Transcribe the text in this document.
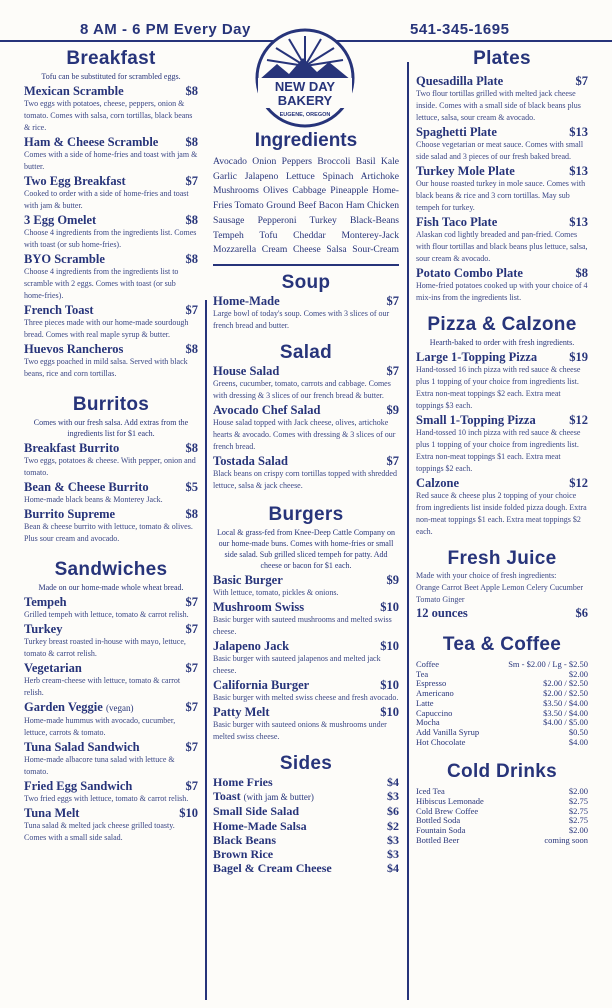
8 AM - 6 PM Every Day	541-345-1695
NEW DAY
BAKERY
EUGENE, OREGON
Breakfast
Tofu can be substituted for scrambled eggs.
Mexican Scramble	$8
Two eggs with potatoes, cheese, peppers, onion & tomato. Comes with salsa, corn tortillas, black beans & rice.
Ham & Cheese Scramble $8
Comes with a side of home-fries and toast with jam & butter.
Two Egg Breakfast	$7
Cooked to order with a side of home-fries and toast with jam & butter.
3 Egg Omelet	$8
Choose 4 ingredients from the ingredients list. Comes with toast (or sub home-fries).
BYO Scramble	$8
Choose 4 ingredients from the ingredients list to scramble with 2 eggs. Comes with toast (or sub home-fries).
French Toast	$7
Three pieces made with our home-made sourdough bread. Comes with real maple syrup & butter.
Huevos Rancheros	$8
Two eggs poached in mild salsa. Served with black beans, rice and corn tortillas.
Burritos
Comes with our fresh salsa. Add extras from the ingredients list for $1 each.
Breakfast Burrito	$8
Two eggs, potatoes & cheese. With pepper, onion and tomato.
Bean & Cheese Burrito	$5
Home-made black beans & Monterey Jack.
Burrito Supreme	$8
Bean & cheese burrito with lettuce, tomato & olives. Plus sour cream and avocado.
Sandwiches
Made on our home-made whole wheat bread.
Tempeh	$7
Grilled tempeh with lettuce, tomato & carrot relish.
Turkey	$7
Turkey breast roasted in-house with mayo, lettuce, tomato & carrot relish.
Vegetarian	$7
Herb cream-cheese with lettuce, tomato & carrot relish.
Garden Veggie (vegan)	$7
Home-made hummus with avocado, cucumber, lettuce, carrots & tomato.
Tuna Salad Sandwich	$7
Home-made albacore tuna salad with lettuce & tomato.
Fried Egg Sandwich	$7
Two fried eggs with lettuce, tomato & carrot relish.
Tuna Melt	$10
Tuna salad & melted jack cheese grilled toasty. Comes with a small side salad.
Ingredients
Avocado Onion Peppers Broccoli Basil Kale Garlic Jalapeno Lettuce Spinach Artichoke Mushrooms Olives Cabbage Pineapple Home-Fries Tomato Ground Beef Bacon Ham Chicken Sausage Pepperoni Turkey Black-Beans Tempeh Tofu Cheddar Monterey-Jack Mozzarella Cream Cheese Salsa Sour-Cream
Soup
Home-Made	$7
Large bowl of today's soup. Comes with 3 slices of our french bread and butter.
Salad
House Salad	$7
Greens, cucumber, tomato, carrots and cabbage. Comes with dressing & 3 slices of our french bread & butter.
Avocado Chef Salad	$9
House salad topped with Jack cheese, olives, artichoke hearts & avocado. Comes with dressing & 3 slices of our french bread.
Tostada Salad	$7
Black beans on crispy corn tortillas topped with shredded lettuce, salsa & jack cheese.
Burgers
Local & grass-fed from Knee-Deep Cattle Company on our home-made buns. Comes with home-fries or small side salad. Sub grilled sliced tempeh for patty. Add cheese or bacon for $1 each.
Basic Burger	$9
With lettuce, tomato, pickles & onions.
Mushroom Swiss	$10
Basic burger with sauteed mushrooms and melted swiss cheese.
Jalapeno Jack	$10
Basic burger with sauteed jalapenos and melted jack cheese.
California Burger	$10
Basic burger with melted swiss cheese and fresh avocado.
Patty Melt	$10
Basic burger with sauteed onions & mushrooms under melted swiss cheese.
Sides
Home Fries	$4
Toast (with jam & butter)	$3
Small Side Salad	$6
Home-Made Salsa	$2
Black Beans	$3
Brown Rice	$3
Bagel & Cream Cheese	$4
Plates
Quesadilla Plate	$7
Two flour tortillas grilled with melted jack cheese inside. Comes with a small side of black beans plus lettuce, salsa, sour cream & avocado.
Spaghetti Plate	$13
Choose vegetarian or meat sauce. Comes with small side salad and 3 pieces of our fresh baked bread.
Turkey Mole Plate	$13
Our house roasted turkey in mole sauce. Comes with black beans & rice and 3 corn tortillas. May sub tempeh for turkey.
Fish Taco Plate	$13
Alaskan cod lightly breaded and pan-fried. Comes with flour tortillas and black beans plus lettuce, salsa, sour cream & avocado.
Potato Combo Plate	$8
Home-fried potatoes cooked up with your choice of 4 mix-ins from the ingredients list.
Pizza & Calzone
Hearth-baked to order with fresh ingredients.
Large 1-Topping Pizza	$19
Hand-tossed 16 inch pizza with red sauce & cheese plus 1 topping of your choice from ingredients list. Extra non-meat toppings $2 each. Extra meat toppings $3 each.
Small 1-Topping Pizza	$12
Hand-tossed 10 inch pizza with red sauce & cheese plus 1 topping of your choice from ingredients list. Extra non-meat toppings $1 each. Extra meat toppings $2 each.
Calzone	$12
Red sauce & cheese plus 2 topping of your choice from ingredients list inside folded pizza dough. Extra non-meat toppings $1 each. Extra meat toppings $2 each.
Fresh Juice
Made with your choice of fresh ingredients:
Orange Carrot Beet Apple Lemon Celery Cucumber Tomato Ginger
12 ounces	$6
Tea & Coffee
Coffee	Sm - $2.00 / Lg - $2.50
Tea	$2.00
Espresso	$2.00 / $2.50
Americano	$2.00 / $2.50
Latte	$3.50 / $4.00
Capuccino	$3.50 / $4.00
Mocha	$4.00 / $5.00
Add Vanilla Syrup	$0.50
Hot Chocolate	$4.00
Cold Drinks
Iced Tea	$2.00
Hibiscus Lemonade	$2.75
Cold Brew Coffee	$2.75
Bottled Soda	$2.75
Fountain Soda	$2.00
Bottled Beer	coming soon
